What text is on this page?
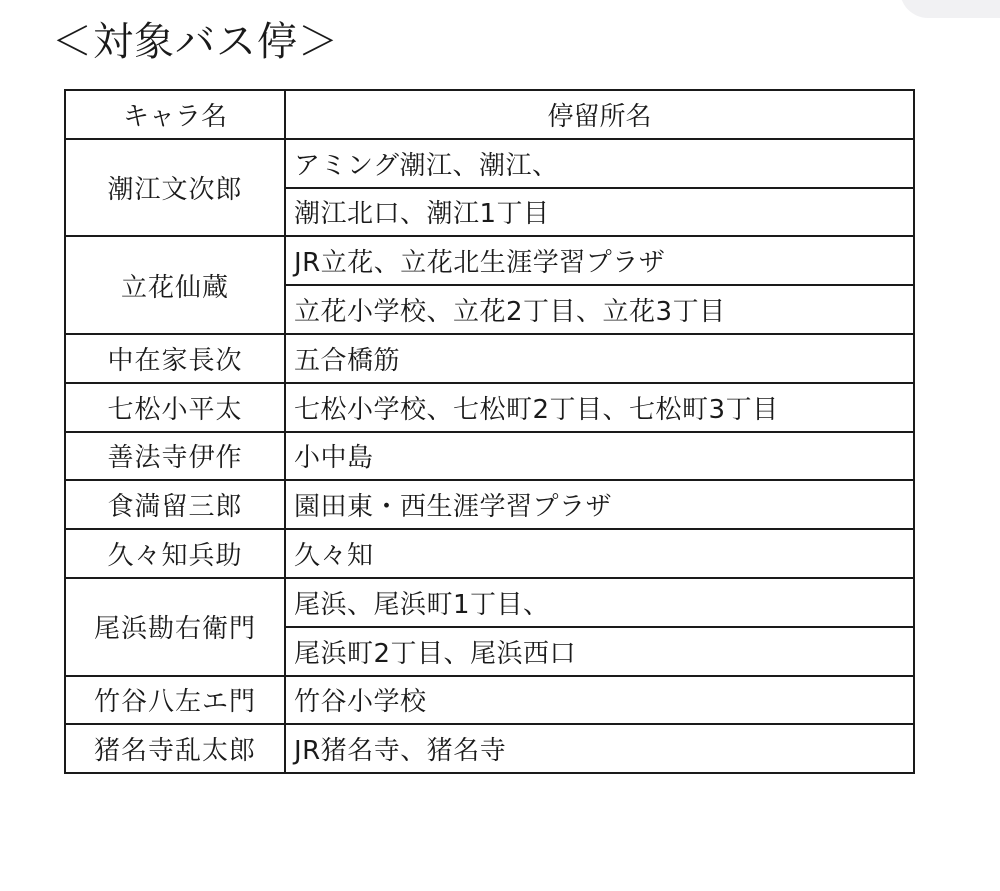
＜対象バス停＞
キャラ名	停留所名
潮江文次郎	アミング潮江、潮江、
	潮江北口、潮江1丁目
立花仙蔵	JR立花、立花北生涯学習プラザ
	立花小学校、立花2丁目、立花3丁目
中在家長次	五合橋筋
七松小平太	七松小学校、七松町2丁目、七松町3丁目
善法寺伊作	小中島
食満留三郎	園田東・西生涯学習プラザ
久々知兵助	久々知
尾浜勘右衛門	尾浜、尾浜町1丁目、
	尾浜町2丁目、尾浜西口
竹谷八左エ門	竹谷小学校
猪名寺乱太郎	JR猪名寺、猪名寺
